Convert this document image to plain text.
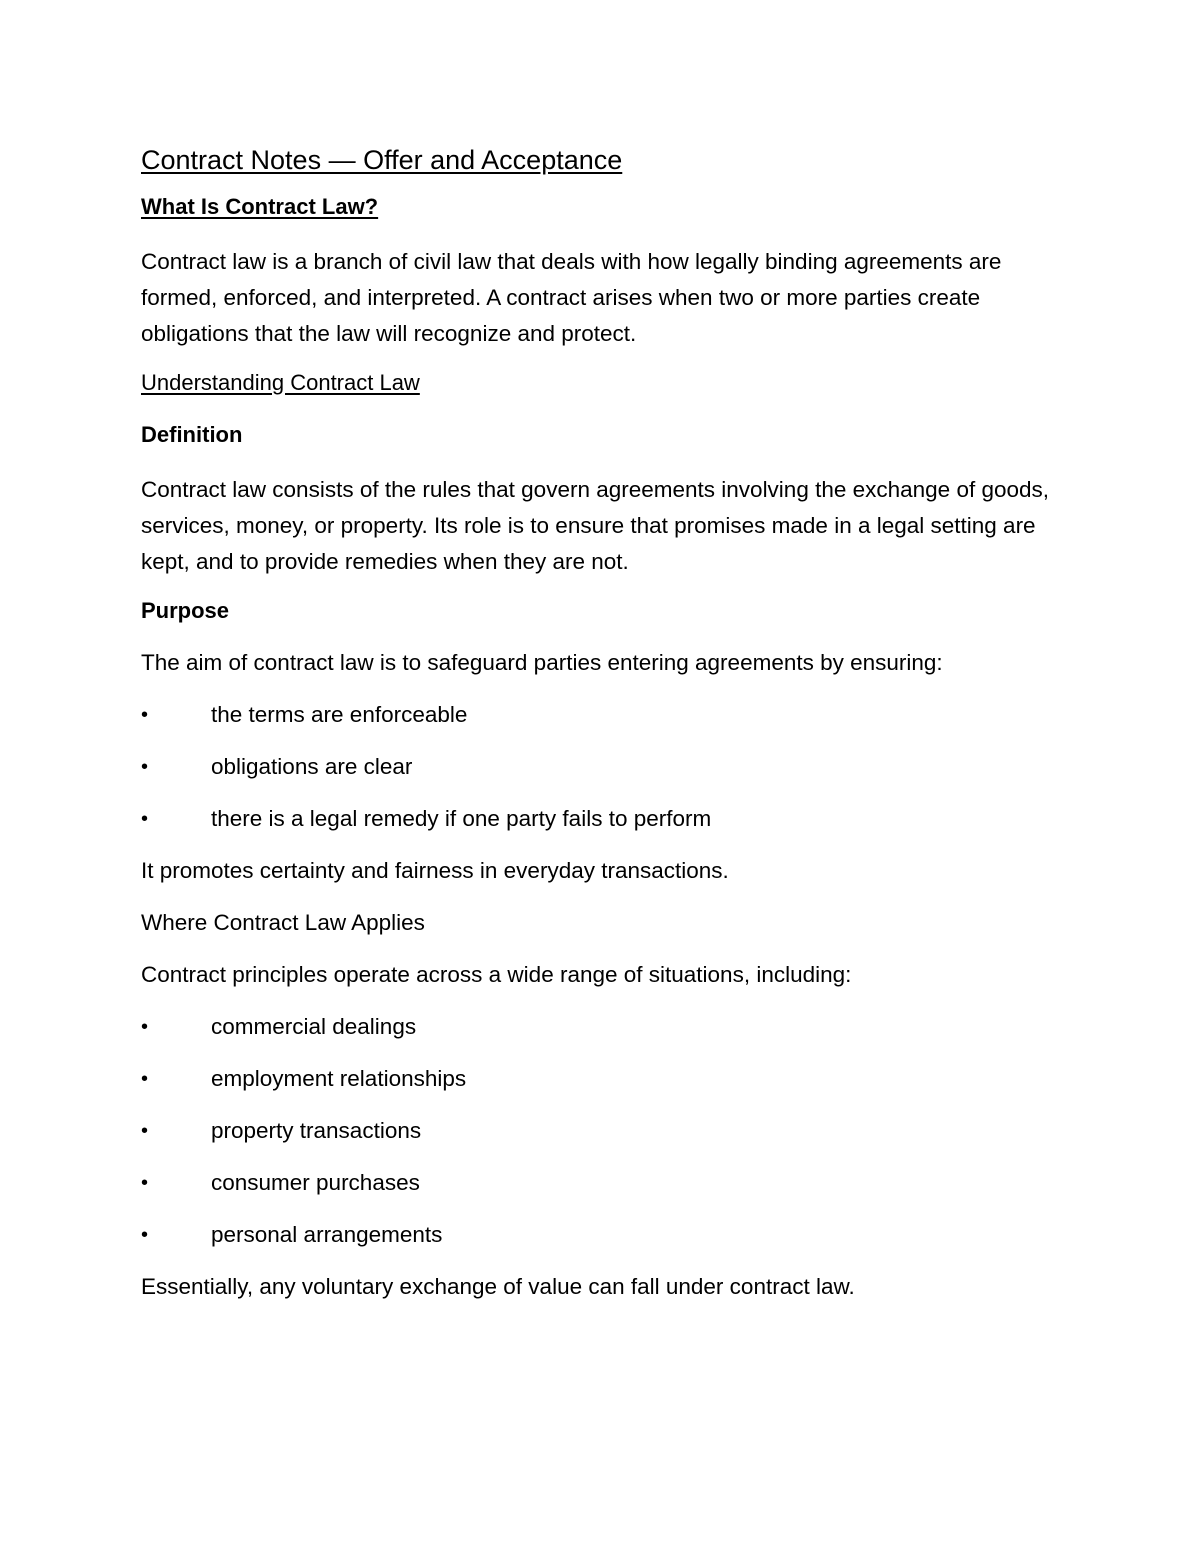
Contract Notes — Offer and Acceptance
What Is Contract Law?

Contract law is a branch of civil law that deals with how legally binding agreements are formed, enforced, and interpreted. A contract arises when two or more parties create obligations that the law will recognize and protect.

Understanding Contract Law
Definition

Contract law consists of the rules that govern agreements involving the exchange of goods, services, money, or property. Its role is to ensure that promises made in a legal setting are kept, and to provide remedies when they are not.

Purpose

The aim of contract law is to safeguard parties entering agreements by ensuring:

•	the terms are enforceable
•	obligations are clear
•	there is a legal remedy if one party fails to perform

It promotes certainty and fairness in everyday transactions.

Where Contract Law Applies

Contract principles operate across a wide range of situations, including:

•	commercial dealings
•	employment relationships
•	property transactions
•	consumer purchases
•	personal arrangements

Essentially, any voluntary exchange of value can fall under contract law.
